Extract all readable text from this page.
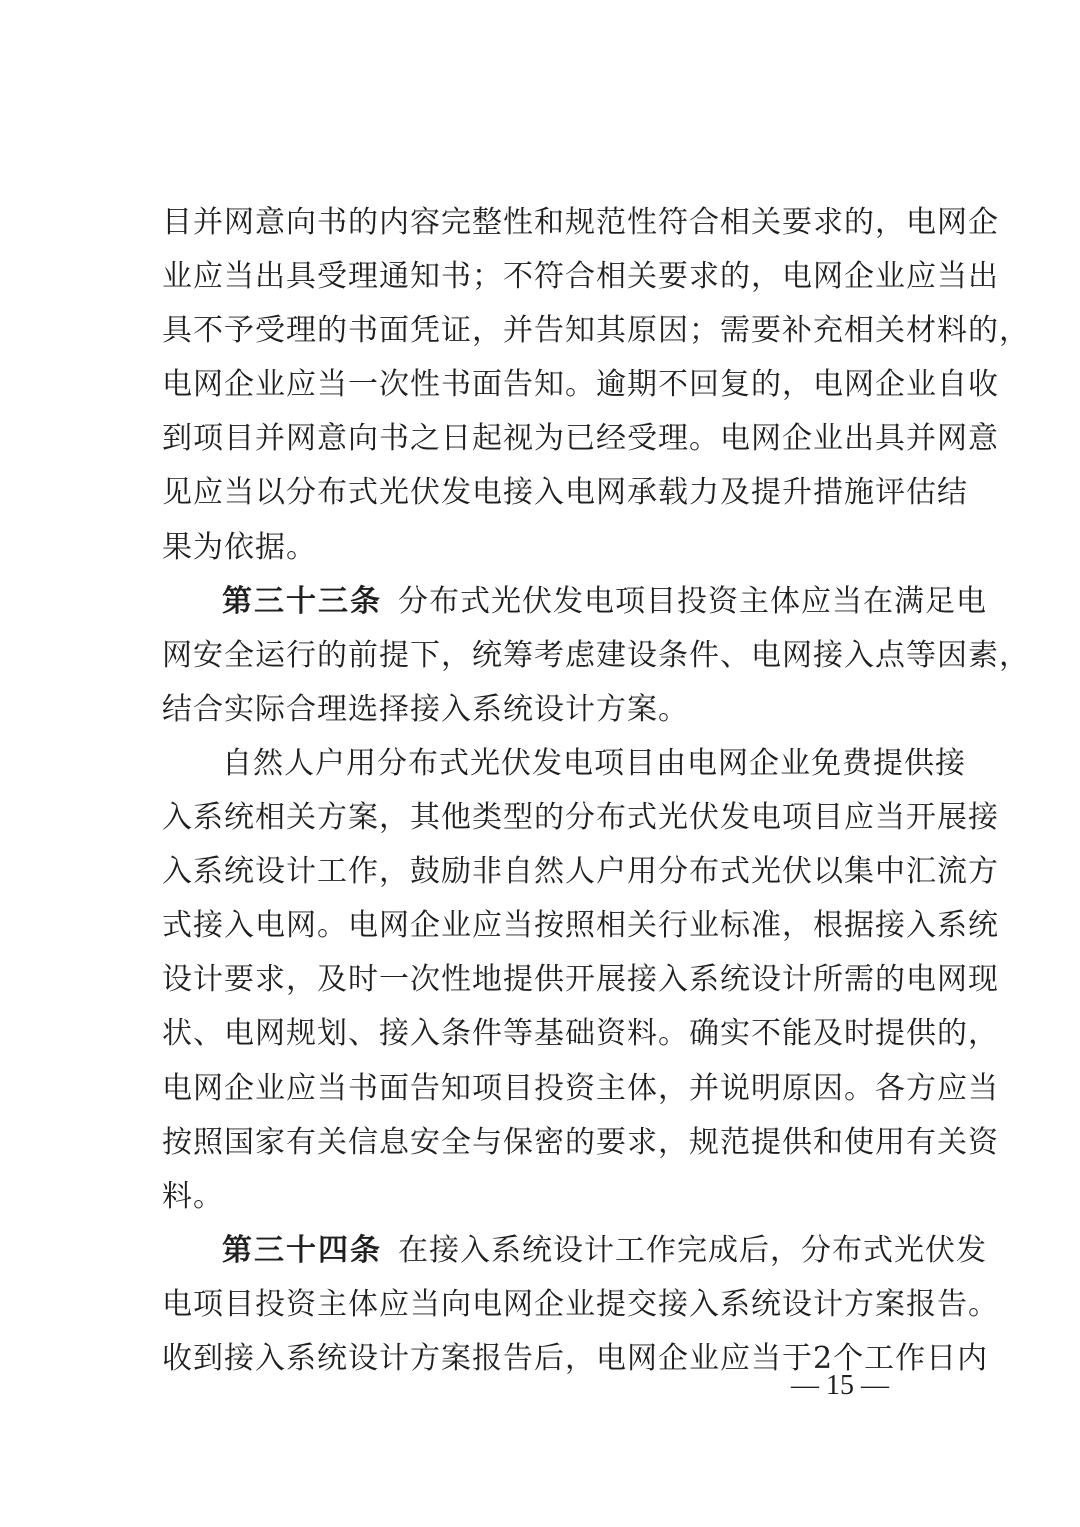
目并网意向书的内容完整性和规范性符合相关要求的，电网企
业应当出具受理通知书；不符合相关要求的，电网企业应当出
具不予受理的书面凭证，并告知其原因；需要补充相关材料的，
电网企业应当一次性书面告知。逾期不回复的，电网企业自收
到项目并网意向书之日起视为已经受理。电网企业出具并网意
见应当以分布式光伏发电接入电网承载力及提升措施评估结
果为依据。
第三十三条 分布式光伏发电项目投资主体应当在满足电
网安全运行的前提下，统筹考虑建设条件、电网接入点等因素，
结合实际合理选择接入系统设计方案。
自然人户用分布式光伏发电项目由电网企业免费提供接
入系统相关方案，其他类型的分布式光伏发电项目应当开展接
入系统设计工作，鼓励非自然人户用分布式光伏以集中汇流方
式接入电网。电网企业应当按照相关行业标准，根据接入系统
设计要求，及时一次性地提供开展接入系统设计所需的电网现
状、电网规划、接入条件等基础资料。确实不能及时提供的，
电网企业应当书面告知项目投资主体，并说明原因。各方应当
按照国家有关信息安全与保密的要求，规范提供和使用有关资
料。
第三十四条 在接入系统设计工作完成后，分布式光伏发
电项目投资主体应当向电网企业提交接入系统设计方案报告。
收到接入系统设计方案报告后，电网企业应当于2个工作日内
— 15 —
